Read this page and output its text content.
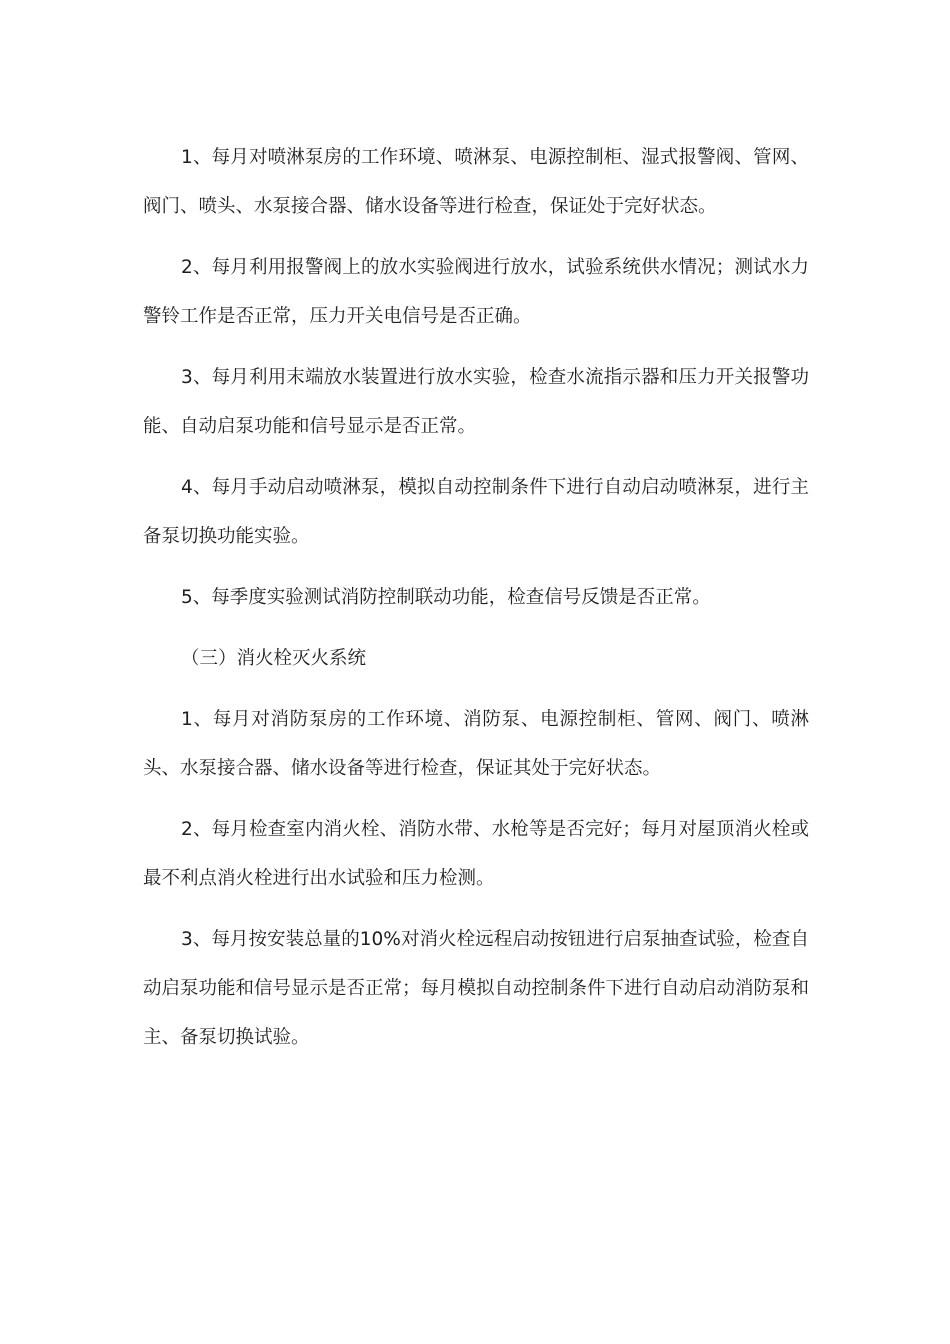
1、每月对喷淋泵房的工作环境、喷淋泵、电源控制柜、湿式报警阀、管网、阀门、喷头、水泵接合器、储水设备等进行检查，保证处于完好状态。

2、每月利用报警阀上的放水实验阀进行放水，试验系统供水情况；测试水力警铃工作是否正常，压力开关电信号是否正确。

3、每月利用末端放水装置进行放水实验，检查水流指示器和压力开关报警功能、自动启泵功能和信号显示是否正常。

4、每月手动启动喷淋泵，模拟自动控制条件下进行自动启动喷淋泵，进行主备泵切换功能实验。

5、每季度实验测试消防控制联动功能，检查信号反馈是否正常。

（三）消火栓灭火系统

1、每月对消防泵房的工作环境、消防泵、电源控制柜、管网、阀门、喷淋头、水泵接合器、储水设备等进行检查，保证其处于完好状态。

2、每月检查室内消火栓、消防水带、水枪等是否完好；每月对屋顶消火栓或最不利点消火栓进行出水试验和压力检测。

3、每月按安装总量的10%对消火栓远程启动按钮进行启泵抽查试验，检查自动启泵功能和信号显示是否正常；每月模拟自动控制条件下进行自动启动消防泵和主、备泵切换试验。
